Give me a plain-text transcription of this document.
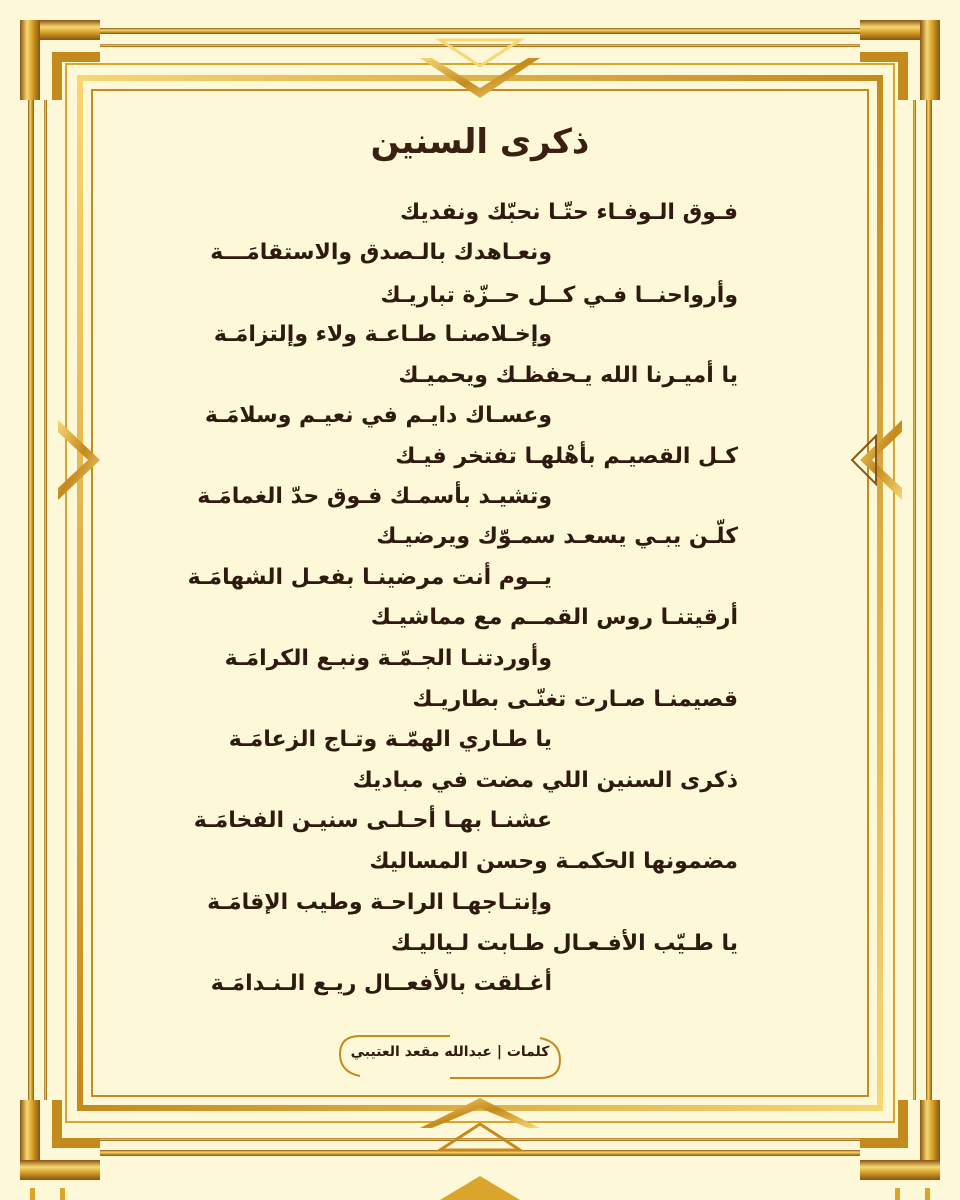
ذكرى السنين
فـوق الـوفـاء حتّـا نحبّك ونفديك
ونعـاهدك بالـصدق والاستقامَـــة
وأرواحنــا فـي كــل حــزّة تباريـك
وإخـلاصنـا طـاعـة ولاء وإلتزامَـة
يا أميـرنا الله يـحفظـك ويحميـك
وعسـاك دايـم في نعيـم وسلامَـة
كـل القصيـم بأهْلهـا تفتخر فيـك
وتشيـد بأسمـك فـوق حدّ الغمامَـة
كلّـن يبـي يسعـد سمـوّك ويرضيـك
يــوم أنت مرضينـا بفعـل الشهامَـة
أرقيتنـا روس القمــم مع مماشيـك
وأوردتنـا الجـمّـة ونبـع الكرامَـة
قصيمنـا صـارت تغنّـى بطاريـك
يا طـاري الهمّـة وتـاج الزعامَـة
ذكرى السنين اللي مضت في مباديك
عشنـا بهـا أحـلـى سنيـن الفخامَـة
مضمونها الحكمـة وحسن المساليك
وإنتـاجهـا الراحـة وطيب الإقامَـة
يا طـيّب الأفـعـال طـابت لـياليـك
أغـلقت بالأفعــال ريـع الـنـدامَـة
كلمات | عبدالله مقعد العتيبي
